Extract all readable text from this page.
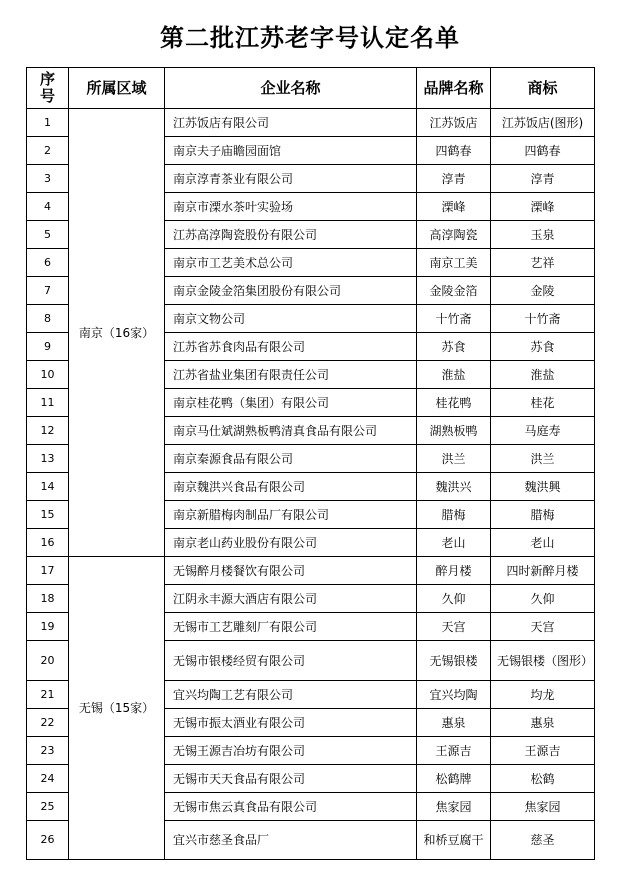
第二批江苏老字号认定名单
序号	所属区域	企业名称	品牌名称	商标
1	南京（16家）	江苏饭店有限公司	江苏饭店	江苏饭店(图形)
2		南京夫子庙瞻园面馆	四鹤春	四鹤春
3		南京淳青茶业有限公司	淳青	淳青
4		南京市溧水茶叶实验场	溧峰	溧峰
5		江苏高淳陶瓷股份有限公司	高淳陶瓷	玉泉
6		南京市工艺美术总公司	南京工美	艺祥
7		南京金陵金箔集团股份有限公司	金陵金箔	金陵
8		南京文物公司	十竹斋	十竹斋
9		江苏省苏食肉品有限公司	苏食	苏食
10		江苏省盐业集团有限责任公司	淮盐	淮盐
11		南京桂花鸭（集团）有限公司	桂花鸭	桂花
12		南京马仕斌湖熟板鸭清真食品有限公司	湖熟板鸭	马庭寿
13		南京秦源食品有限公司	洪兰	洪兰
14		南京魏洪兴食品有限公司	魏洪兴	魏洪興
15		南京新腊梅肉制品厂有限公司	腊梅	腊梅
16		南京老山药业股份有限公司	老山	老山
17	无锡（15家）	无锡醉月楼餐饮有限公司	醉月楼	四时新醉月楼
18		江阴永丰源大酒店有限公司	久仰	久仰
19		无锡市工艺雕刻厂有限公司	天宫	天宫
20		无锡市银楼经贸有限公司	无锡银楼	无锡银楼（图形）
21		宜兴均陶工艺有限公司	宜兴均陶	均龙
22		无锡市振太酒业有限公司	惠泉	惠泉
23		无锡王源吉冶坊有限公司	王源吉	王源吉
24		无锡市天天食品有限公司	松鹤牌	松鹤
25		无锡市焦云真食品有限公司	焦家园	焦家园
26		宜兴市慈圣食品厂	和桥豆腐干	慈圣
